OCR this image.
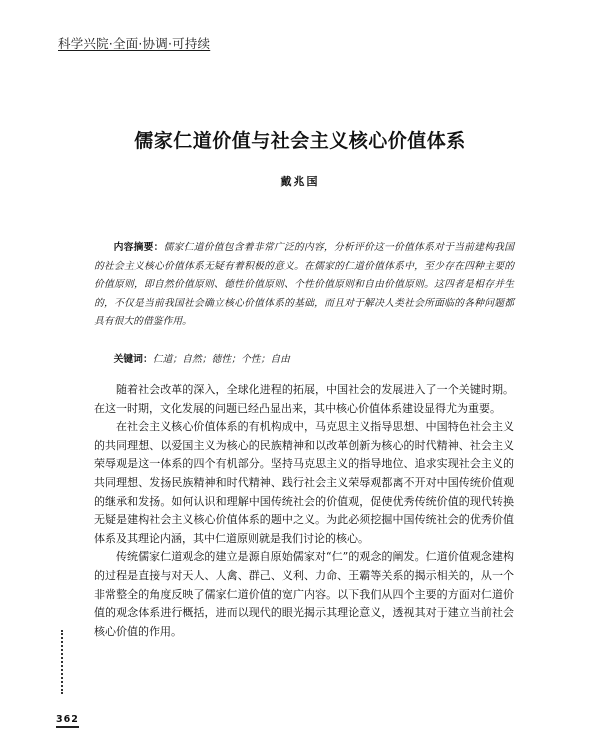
科学兴院·全面·协调·可持续
儒家仁道价值与社会主义核心价值体系
戴兆国
内容摘要：儒家仁道价值包含着非常广泛的内容，分析评价这一价值体系对于当前建构我国的社会主义核心价值体系无疑有着积极的意义。在儒家的仁道价值体系中，至少存在四种主要的价值原则，即自然价值原则、德性价值原则、个性价值原则和自由价值原则。这四者是相存并生的，不仅是当前我国社会确立核心价值体系的基础，而且对于解决人类社会所面临的各种问题都具有很大的借鉴作用。
关键词：仁道；自然；德性；个性；自由

随着社会改革的深入，全球化进程的拓展，中国社会的发展进入了一个关键时期。在这一时期，文化发展的问题已经凸显出来，其中核心价值体系建设显得尤为重要。

在社会主义核心价值体系的有机构成中，马克思主义指导思想、中国特色社会主义的共同理想、以爱国主义为核心的民族精神和以改革创新为核心的时代精神、社会主义荣辱观是这一体系的四个有机部分。坚持马克思主义的指导地位、追求实现社会主义的共同理想、发扬民族精神和时代精神、践行社会主义荣辱观都离不开对中国传统价值观的继承和发扬。如何认识和理解中国传统社会的价值观，促使优秀传统价值的现代转换无疑是建构社会主义核心价值体系的题中之义。为此必须挖掘中国传统社会的优秀价值体系及其理论内涵，其中仁道原则就是我们讨论的核心。

传统儒家仁道观念的建立是源自原始儒家对“仁”的观念的阐发。仁道价值观念建构的过程是直接与对天人、人禽、群己、义利、力命、王霸等关系的揭示相关的，从一个非常整全的角度反映了儒家仁道价值的宽广内容。以下我们从四个主要的方面对仁道价值的观念体系进行概括，进而以现代的眼光揭示其理论意义，透视其对于建立当前社会核心价值的作用。

362
